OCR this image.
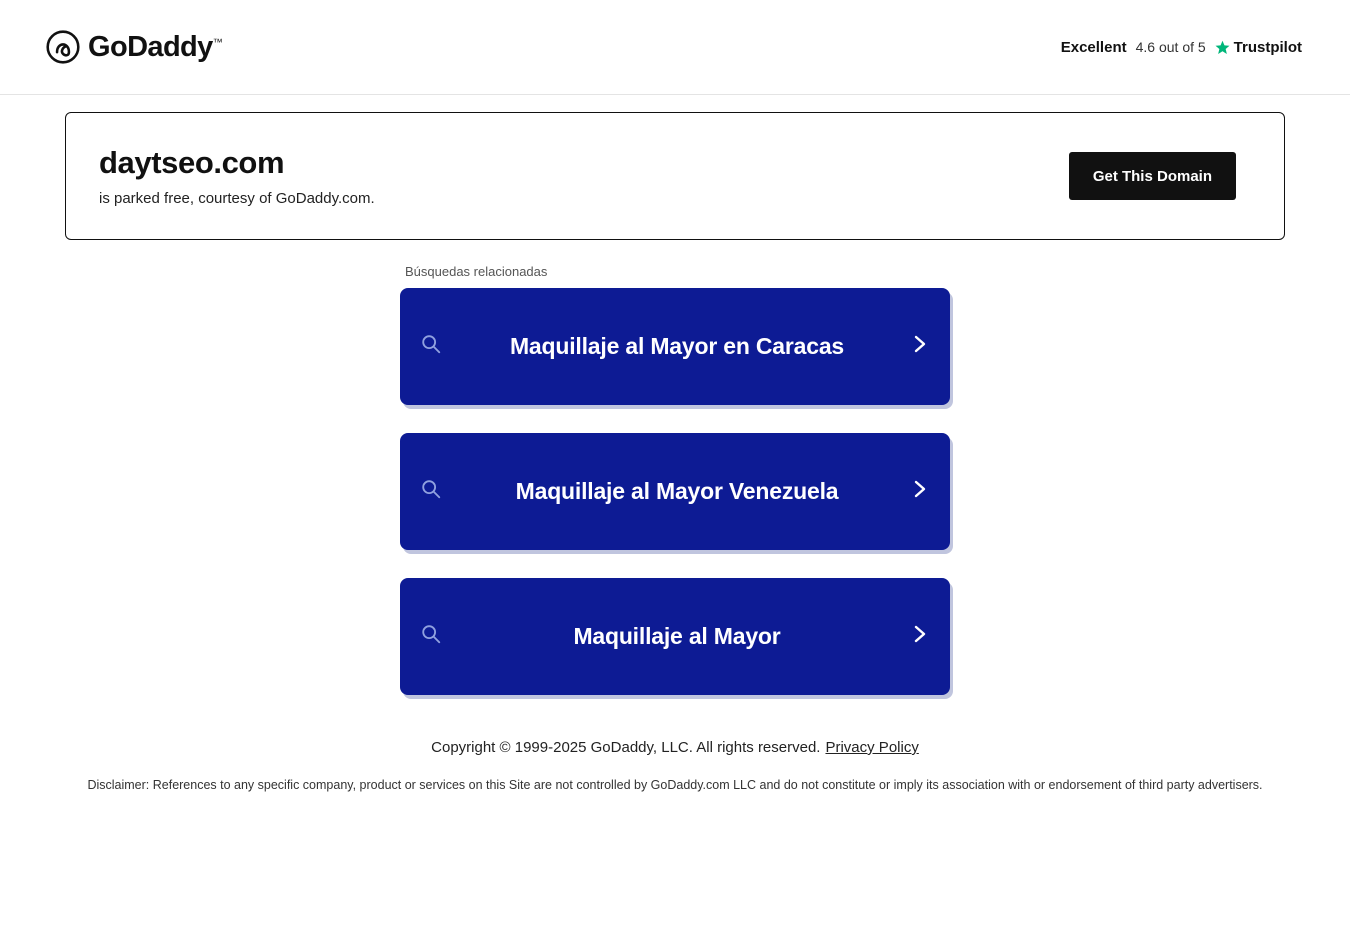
GoDaddy™	Excellent 4.6 out of 5 Trustpilot
daytseo.com
is parked free, courtesy of GoDaddy.com.
Get This Domain
Búsquedas relacionadas
Maquillaje al Mayor en Caracas
Maquillaje al Mayor Venezuela
Maquillaje al Mayor
Copyright © 1999-2025 GoDaddy, LLC. All rights reserved. Privacy Policy
Disclaimer: References to any specific company, product or services on this Site are not controlled by GoDaddy.com LLC and do not constitute or imply its association with or endorsement of third party advertisers.
